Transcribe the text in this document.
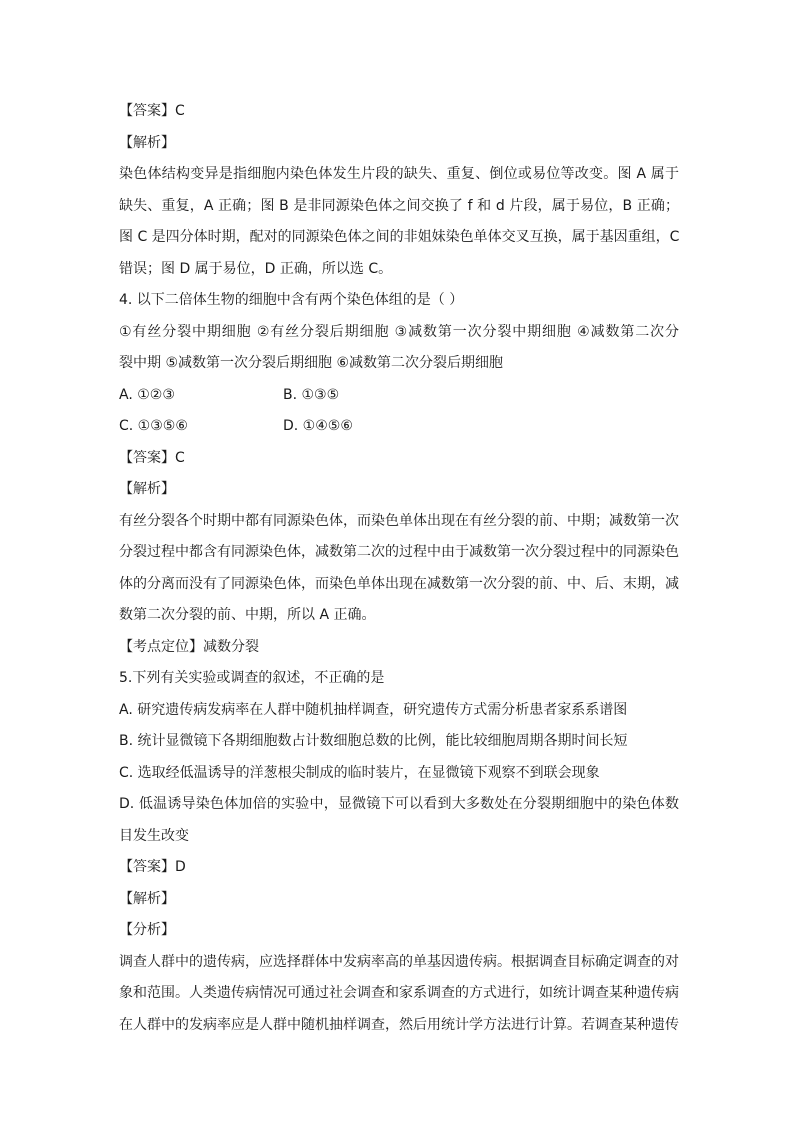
【答案】C
【解析】
染色体结构变异是指细胞内染色体发生片段的缺失、重复、倒位或易位等改变。图 A 属于
缺失、重复，A 正确；图 B 是非同源染色体之间交换了 f 和 d 片段，属于易位，B 正确；
图 C 是四分体时期，配对的同源染色体之间的非姐妹染色单体交叉互换，属于基因重组，C
错误；图 D 属于易位，D 正确，所以选 C。
4. 以下二倍体生物的细胞中含有两个染色体组的是（ ）
①有丝分裂中期细胞 ②有丝分裂后期细胞 ③减数第一次分裂中期细胞 ④减数第二次分
裂中期 ⑤减数第一次分裂后期细胞 ⑥减数第二次分裂后期细胞
A. ①②③	B. ①③⑤
C. ①③⑤⑥	D. ①④⑤⑥
【答案】C
【解析】
有丝分裂各个时期中都有同源染色体，而染色单体出现在有丝分裂的前、中期；减数第一次
分裂过程中都含有同源染色体，减数第二次的过程中由于减数第一次分裂过程中的同源染色
体的分离而没有了同源染色体，而染色单体出现在减数第一次分裂的前、中、后、末期，减
数第二次分裂的前、中期，所以 A 正确。
【考点定位】减数分裂
5.下列有关实验或调查的叙述，不正确的是
A. 研究遗传病发病率在人群中随机抽样调查，研究遗传方式需分析患者家系系谱图
B. 统计显微镜下各期细胞数占计数细胞总数的比例，能比较细胞周期各期时间长短
C. 选取经低温诱导的洋葱根尖制成的临时装片，在显微镜下观察不到联会现象
D. 低温诱导染色体加倍的实验中，显微镜下可以看到大多数处在分裂期细胞中的染色体数
目发生改变
【答案】D
【解析】
【分析】
调查人群中的遗传病，应选择群体中发病率高的单基因遗传病。根据调查目标确定调查的对
象和范围。人类遗传病情况可通过社会调查和家系调查的方式进行，如统计调查某种遗传病
在人群中的发病率应是人群中随机抽样调查，然后用统计学方法进行计算。若调查某种遗传
